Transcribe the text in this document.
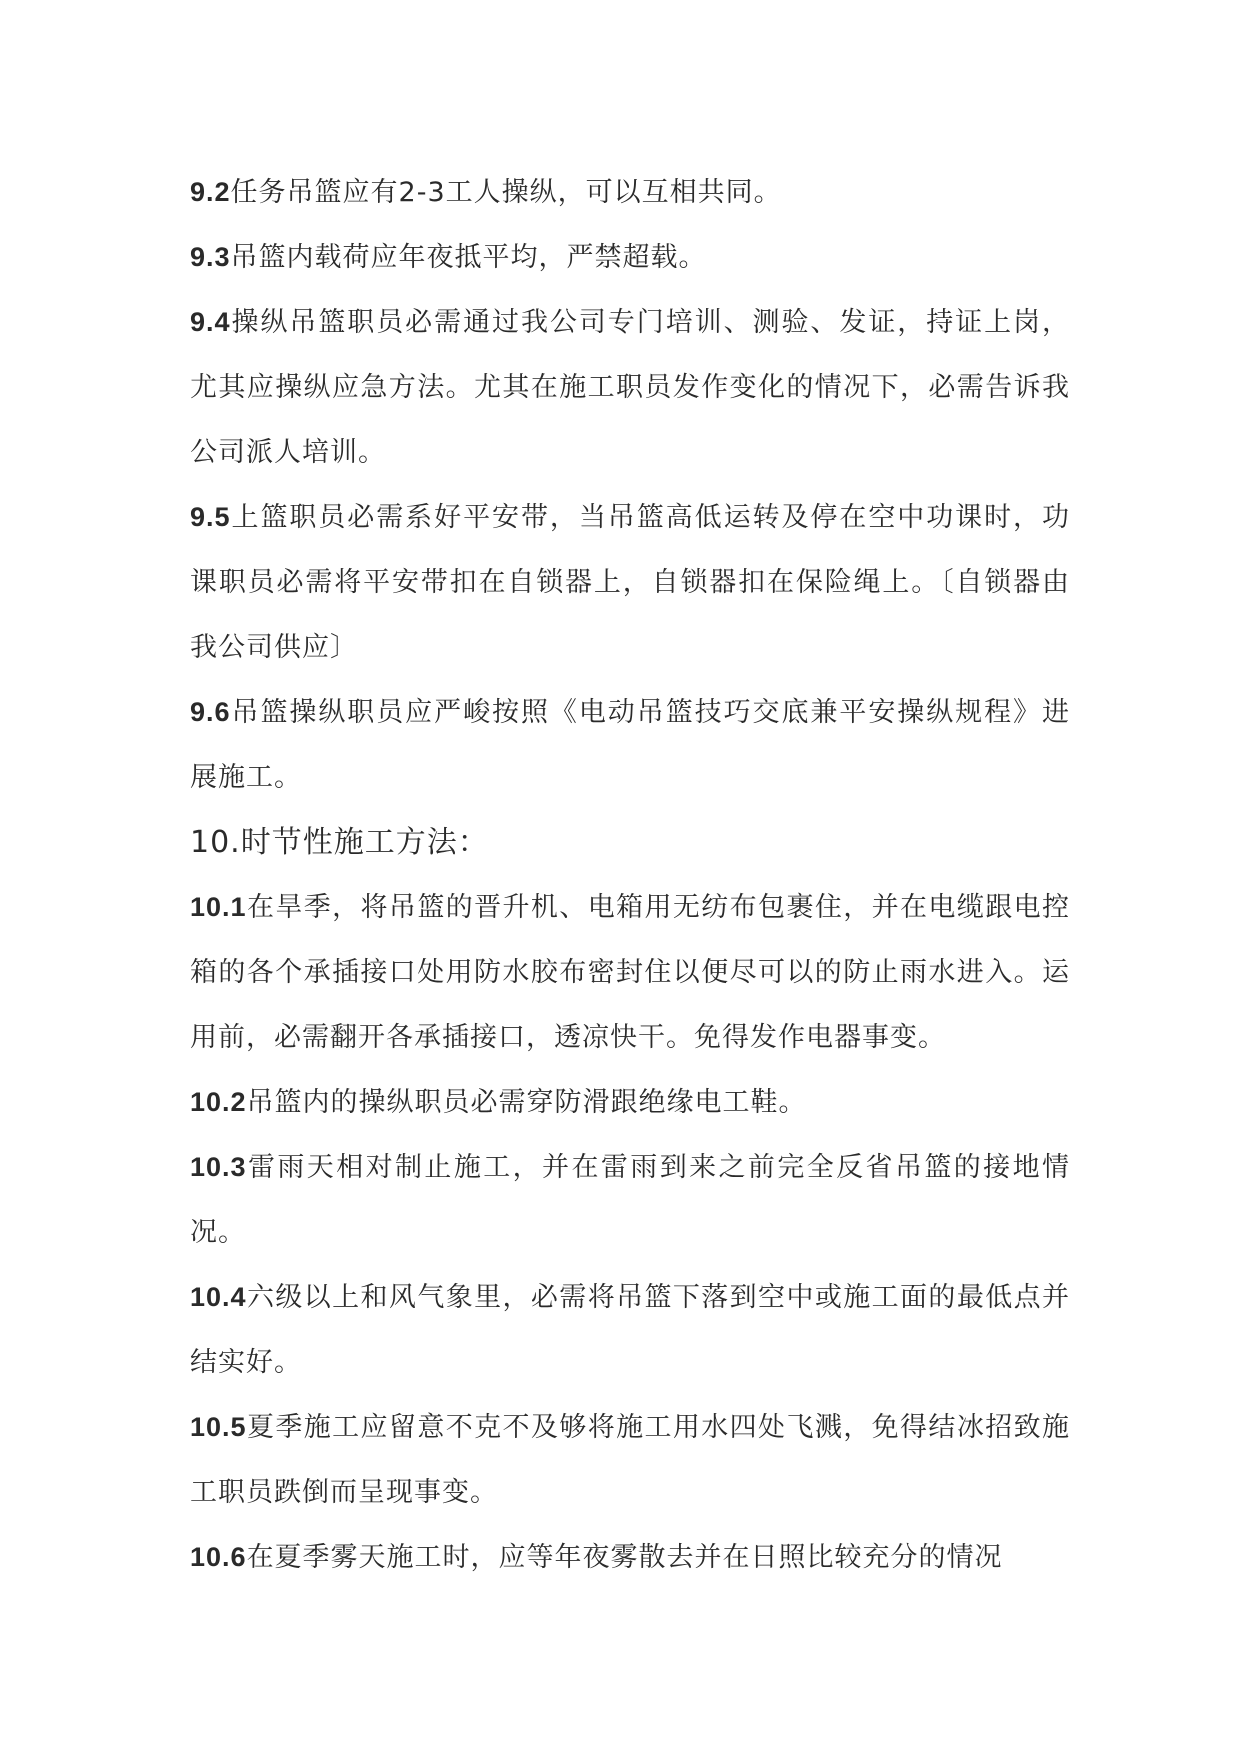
9.2任务吊篮应有2-3工人操纵，可以互相共同。

9.3吊篮内载荷应年夜抵平均，严禁超载。

9.4操纵吊篮职员必需通过我公司专门培训、测验、发证，持证上岗，尤其应操纵应急方法。尤其在施工职员发作变化的情况下，必需告诉我公司派人培训。

9.5上篮职员必需系好平安带，当吊篮高低运转及停在空中功课时，功课职员必需将平安带扣在自锁器上，自锁器扣在保险绳上。〔自锁器由我公司供应〕

9.6吊篮操纵职员应严峻按照《电动吊篮技巧交底兼平安操纵规程》进展施工。

10.时节性施工方法：

10.1在旱季，将吊篮的晋升机、电箱用无纺布包裹住，并在电缆跟电控箱的各个承插接口处用防水胶布密封住以便尽可以的防止雨水进入。运用前，必需翻开各承插接口，透凉快干。免得发作电器事变。

10.2吊篮内的操纵职员必需穿防滑跟绝缘电工鞋。

10.3雷雨天相对制止施工，并在雷雨到来之前完全反省吊篮的接地情况。

10.4六级以上和风气象里，必需将吊篮下落到空中或施工面的最低点并结实好。

10.5夏季施工应留意不克不及够将施工用水四处飞溅，免得结冰招致施工职员跌倒而呈现事变。

10.6在夏季雾天施工时，应等年夜雾散去并在日照比较充分的情况
